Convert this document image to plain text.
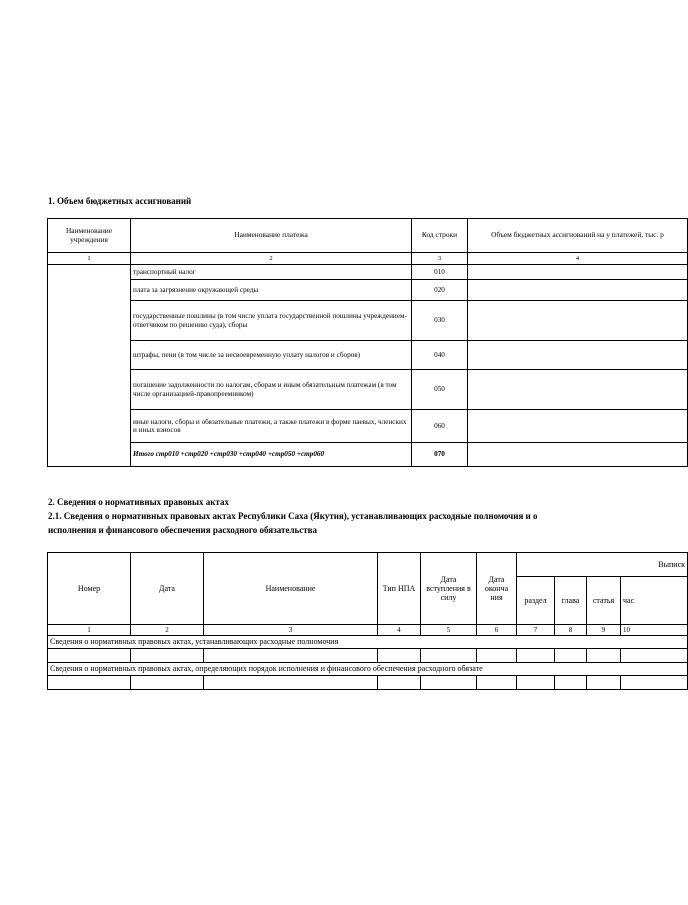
1. Объем бюджетных ассигнований
Наименование учреждения	Наименование платежа	Код строки	Объем бюджетных ассигнований на у платежей, тыс. р
1	2	3	4
	транспортный налог	010	
	плата за загрязнение окружающей среды	020	
	государственные пошлины (в том числе уплата государственной пошлины учреждением-ответчиком по решению суда), сборы	030	
	штрафы, пени (в том числе за несвоевременную уплату налогов и сборов)	040	
	погашение задолженности по налогам, сборам и иным обязательным платежам (в том числе организацией-правопреемником)	050	
	иные налоги, сборы и обязательные платежи, а также платежи в форме паевых, членских и иных взносов	060	
	Итого стр010 +стр020 +стр030 +стр040 +стр050 +стр060	070	
2. Сведения о нормативных правовых актах
2.1. Сведения о нормативных правовых актах Республики Саха (Якутия), устанавливающих расходные полномочия и о
исполнения и финансового обеспечения расходного обязательства
Номер	Дата	Наименование	Тип НПА	Дата вступления в силу	Дата оконча ния	Выписк			
						раздел	глава	статья	час
1	2	3	4	5	6	7	8	9	10
Сведения о нормативных правовых актах, устанавливающих расходные полномочия									

Сведения о нормативных правовых актах, определяющих порядок исполнения и финансового обеспечения расходного обязате									
